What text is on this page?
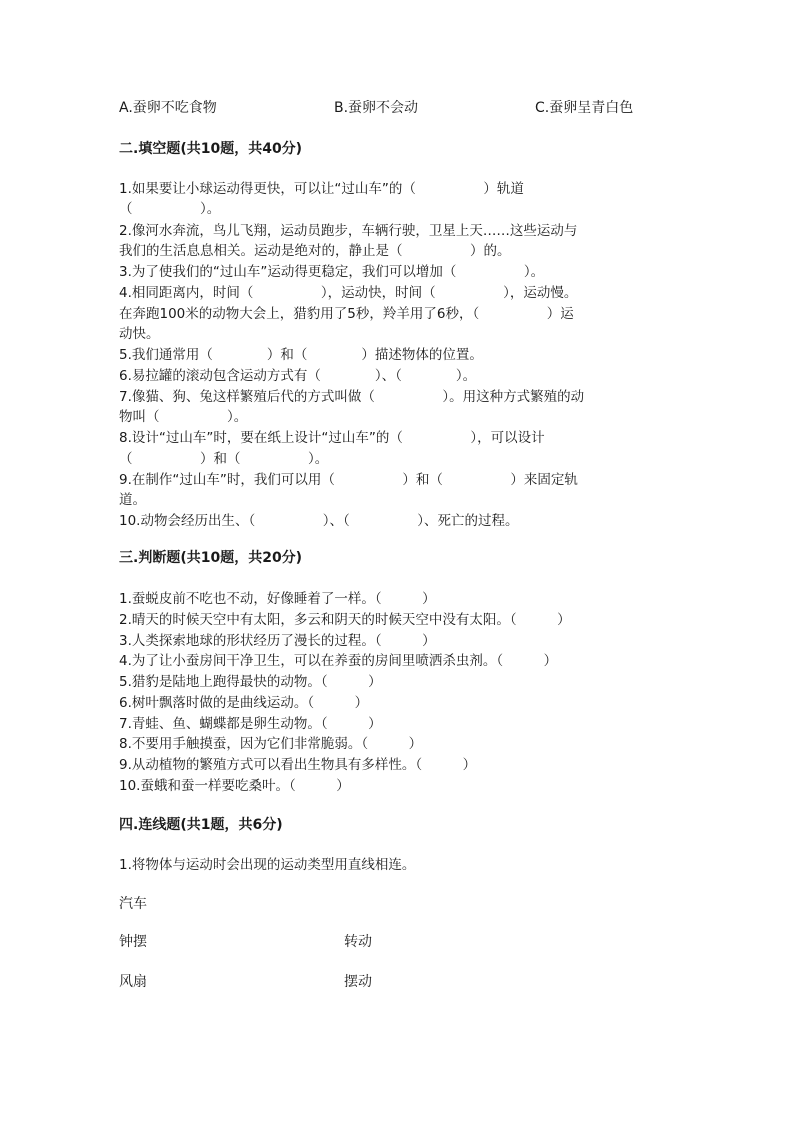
A.蚕卵不吃食物	B.蚕卵不会动	C.蚕卵呈青白色
二.填空题(共10题，共40分)
1.如果要让小球运动得更快，可以让“过山车”的（　　　　　）轨道
（　　　　　）。
2.像河水奔流，鸟儿飞翔，运动员跑步，车辆行驶，卫星上天……这些运动与
我们的生活息息相关。运动是绝对的，静止是（　　　　　）的。
3.为了使我们的“过山车”运动得更稳定，我们可以增加（　　　　　）。
4.相同距离内，时间（　　　　　），运动快，时间（　　　　　），运动慢。
在奔跑100米的动物大会上，猎豹用了5秒，羚羊用了6秒，（　　　　　）运
动快。
5.我们通常用（　　　　）和（　　　　）描述物体的位置。
6.易拉罐的滚动包含运动方式有（　　　　）、（　　　　）。
7.像猫、狗、兔这样繁殖后代的方式叫做（　　　　　）。用这种方式繁殖的动
物叫（　　　　　）。
8.设计“过山车”时，要在纸上设计“过山车”的（　　　　　），可以设计
（　　　　　）和（　　　　　）。
9.在制作“过山车”时，我们可以用（　　　　　）和（　　　　　）来固定轨
道。
10.动物会经历出生、（　　　　　）、（　　　　　）、死亡的过程。
三.判断题(共10题，共20分)
1.蚕蜕皮前不吃也不动，好像睡着了一样。（　　　）
2.晴天的时候天空中有太阳，多云和阴天的时候天空中没有太阳。（　　　）
3.人类探索地球的形状经历了漫长的过程。（　　　）
4.为了让小蚕房间干净卫生，可以在养蚕的房间里喷洒杀虫剂。（　　　）
5.猎豹是陆地上跑得最快的动物。（　　　）
6.树叶飘落时做的是曲线运动。（　　　）
7.青蛙、鱼、蝴蝶都是卵生动物。（　　　）
8.不要用手触摸蚕，因为它们非常脆弱。（　　　）
9.从动植物的繁殖方式可以看出生物具有多样性。（　　　）
10.蚕蛾和蚕一样要吃桑叶。（　　　）
四.连线题(共1题，共6分)
1.将物体与运动时会出现的运动类型用直线相连。
汽车
钟摆
风扇
转动
摆动
